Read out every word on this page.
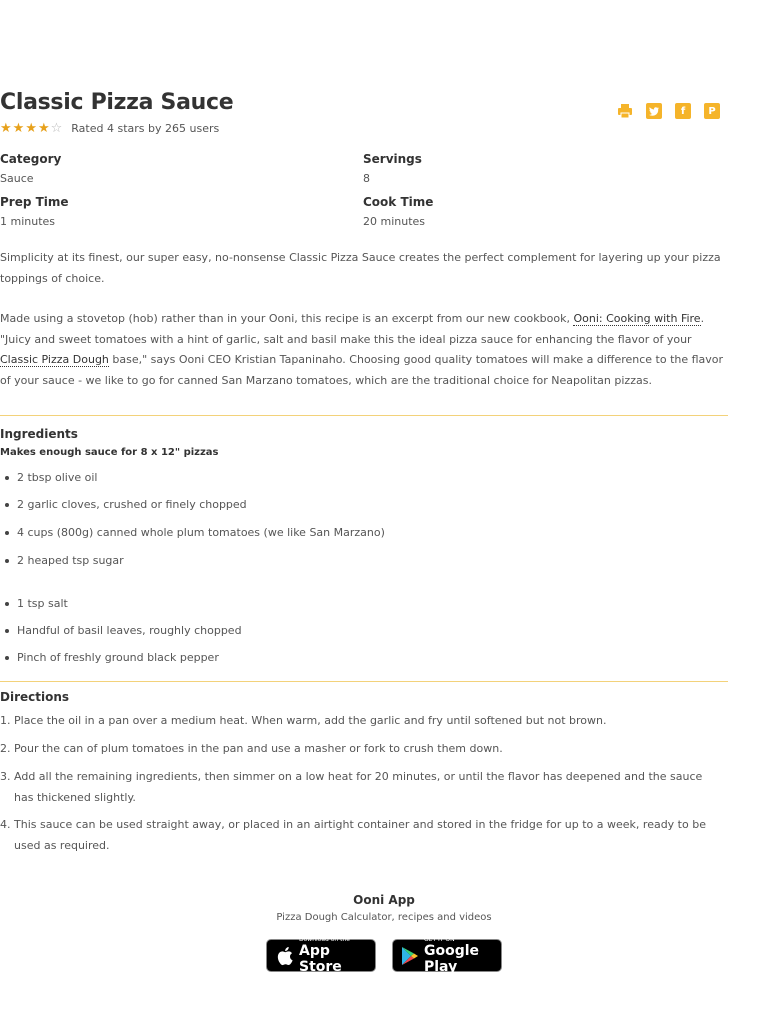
Classic Pizza Sauce	f	P
★ ★ ★ ★ ☆ Rated 4 stars by 265 users
Category
Sauce
Servings
8
Prep Time
1 minutes
Cook Time
20 minutes

Simplicity at its finest, our super easy, no-nonsense Classic Pizza Sauce creates the perfect complement for layering up your pizza toppings of choice.

Made using a stovetop (hob) rather than in your Ooni, this recipe is an excerpt from our new cookbook, Ooni: Cooking with Fire. "Juicy and sweet tomatoes with a hint of garlic, salt and basil make this the ideal pizza sauce for enhancing the flavor of your Classic Pizza Dough base," says Ooni CEO Kristian Tapaninaho. Choosing good quality tomatoes will make a difference to the flavor of your sauce - we like to go for canned San Marzano tomatoes, which are the traditional choice for Neapolitan pizzas.

Ingredients
Makes enough sauce for 8 x 12" pizzas
2 tbsp olive oil
2 garlic cloves, crushed or finely chopped
4 cups (800g) canned whole plum tomatoes (we like San Marzano)
2 heaped tsp sugar
1 tsp salt
Handful of basil leaves, roughly chopped
Pinch of freshly ground black pepper
Directions
1. Place the oil in a pan over a medium heat. When warm, add the garlic and fry until softened but not brown.
2. Pour the can of plum tomatoes in the pan and use a masher or fork to crush them down.
3. Add all the remaining ingredients, then simmer on a low heat for 20 minutes, or until the flavor has deepened and the sauce has thickened slightly.
4. This sauce can be used straight away, or placed in an airtight container and stored in the fridge for up to a week, ready to be used as required.
Ooni App
Pizza Dough Calculator, recipes and videos
Download on the
App Store
GET IT ON
Google Play
